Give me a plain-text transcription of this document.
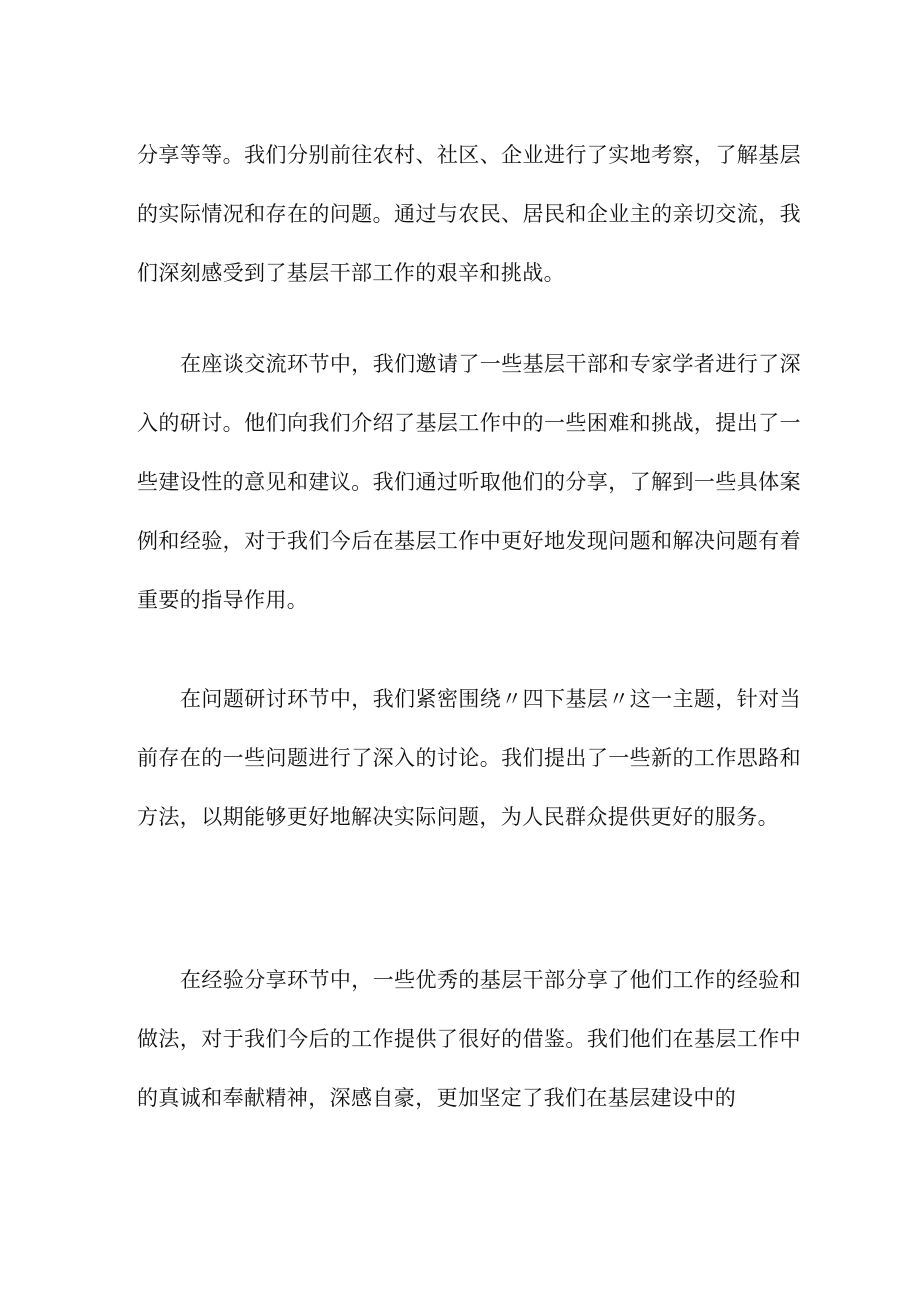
分享等等。我们分别前往农村、社区、企业进行了实地考察，了解基层的实际情况和存在的问题。通过与农民、居民和企业主的亲切交流，我们深刻感受到了基层干部工作的艰辛和挑战。

在座谈交流环节中，我们邀请了一些基层干部和专家学者进行了深入的研讨。他们向我们介绍了基层工作中的一些困难和挑战，提出了一些建设性的意见和建议。我们通过听取他们的分享，了解到一些具体案例和经验，对于我们今后在基层工作中更好地发现问题和解决问题有着重要的指导作用。

在问题研讨环节中，我们紧密围绕〃四下基层〃这一主题，针对当前存在的一些问题进行了深入的讨论。我们提出了一些新的工作思路和方法，以期能够更好地解决实际问题，为人民群众提供更好的服务。

在经验分享环节中，一些优秀的基层干部分享了他们工作的经验和做法，对于我们今后的工作提供了很好的借鉴。我们他们在基层工作中的真诚和奉献精神，深感自豪，更加坚定了我们在基层建设中的
